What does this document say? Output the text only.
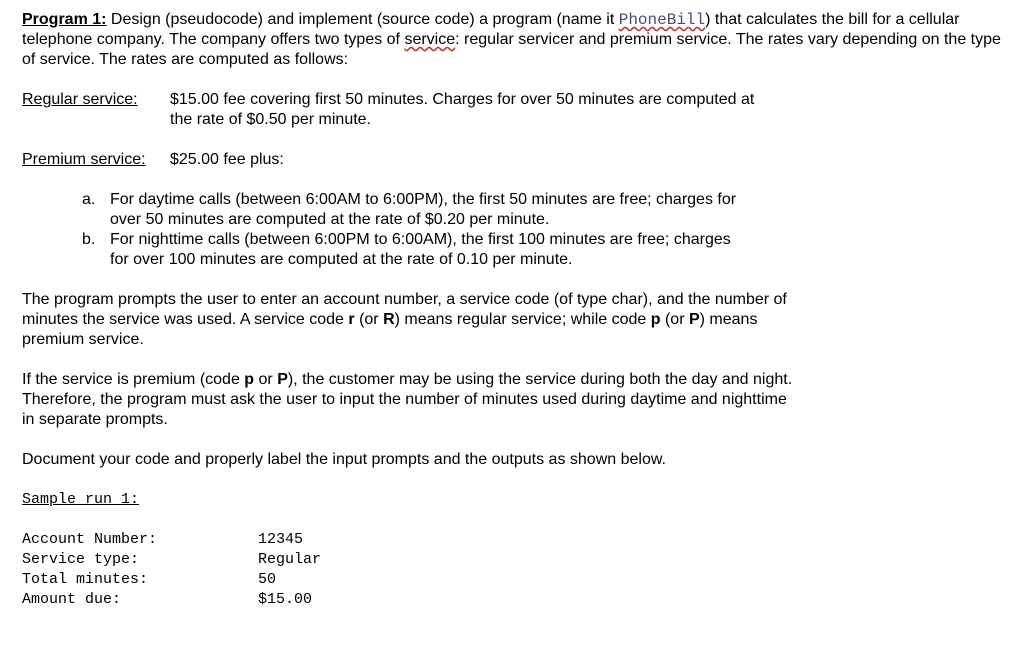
Program 1: Design (pseudocode) and implement (source code) a program (name it PhoneBill) that calculates the bill for a cellular telephone company. The company offers two types of service: regular servicer and premium service. The rates vary depending on the type of service. The rates are computed as follows:

Regular service:	$15.00 fee covering first 50 minutes. Charges for over 50 minutes are computed at
the rate of $0.50 per minute.
Premium service:	$25.00 fee plus:
a. For daytime calls (between 6:00AM to 6:00PM), the first 50 minutes are free; charges for
over 50 minutes are computed at the rate of $0.20 per minute.
b. For nighttime calls (between 6:00PM to 6:00AM), the first 100 minutes are free; charges
for over 100 minutes are computed at the rate of 0.10 per minute.

The program prompts the user to enter an account number, a service code (of type char), and the number of minutes the service was used. A service code r (or R) means regular service; while code p (or P) means premium service.

If the service is premium (code p or P), the customer may be using the service during both the day and night. Therefore, the program must ask the user to input the number of minutes used during daytime and nighttime in separate prompts.

Document your code and properly label the input prompts and the outputs as shown below.

Sample run 1:
Account Number:	12345
Service type:	Regular
Total minutes:	50
Amount due:	$15.00
